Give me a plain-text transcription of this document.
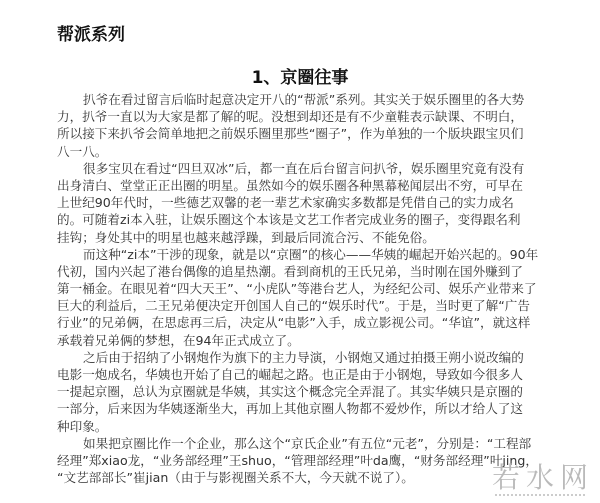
帮派系列
1、京圈往事
扒爷在看过留言后临时起意决定开八的“帮派”系列。其实关于娱乐圈里的各大势
力，扒爷一直以为大家是都了解的呢。没想到却还是有不少童鞋表示缺课、不明白，
所以接下来扒爷会简单地把之前娱乐圈里那些“圈子”，作为单独的一个版块跟宝贝们
八一八。
很多宝贝在看过“四旦双冰”后，都一直在后台留言问扒爷，娱乐圈里究竟有没有
出身清白、堂堂正正出圈的明星。虽然如今的娱乐圈各种黑幕秘闻层出不穷，可早在
上世纪90年代时，一些德艺双馨的老一辈艺术家确实多数都是凭借自己的实力成名
的。可随着zi本入驻，让娱乐圈这个本该是文艺工作者完成业务的圈子，变得跟名利
挂钩；身处其中的明星也越来越浮躁，到最后同流合污、不能免俗。
而这种“zi本”干涉的现象，就是以“京圈”的核心——华姨的崛起开始兴起的。90年
代初，国内兴起了港台偶像的追星热潮。看到商机的王氏兄弟，当时刚在国外赚到了
第一桶金。在眼见着“四大天王”、“小虎队”等港台艺人，为经纪公司、娱乐产业带来了
巨大的利益后，二王兄弟便决定开创国人自己的“娱乐时代”。于是，当时更了解“广告
行业”的兄弟俩，在思虑再三后，决定从“电影”入手，成立影视公司。“华谊”，就这样
承载着兄弟俩的梦想，在94年正式成立了。
之后由于招纳了小钢炮作为旗下的主力导演，小钢炮又通过拍摄王朔小说改编的
电影一炮成名，华姨也开始了自己的崛起之路。也正是由于小钢炮，导致如今很多人
一提起京圈，总认为京圈就是华姨，其实这个概念完全弄混了。其实华姨只是京圈的
一部分，后来因为华姨逐渐坐大，再加上其他京圈人物都不爱炒作，所以才给人了这
种印象。
如果把京圈比作一个企业，那么这个“京氏企业”有五位“元老”，分别是：“工程部
经理”郑xiao龙，“业务部经理”王shuo，“管理部经理”叶da鹰，“财务部经理”叶jing，
“文艺部部长”崔jian（由于与影视圈关系不大，今天就不说了）。	若水网
